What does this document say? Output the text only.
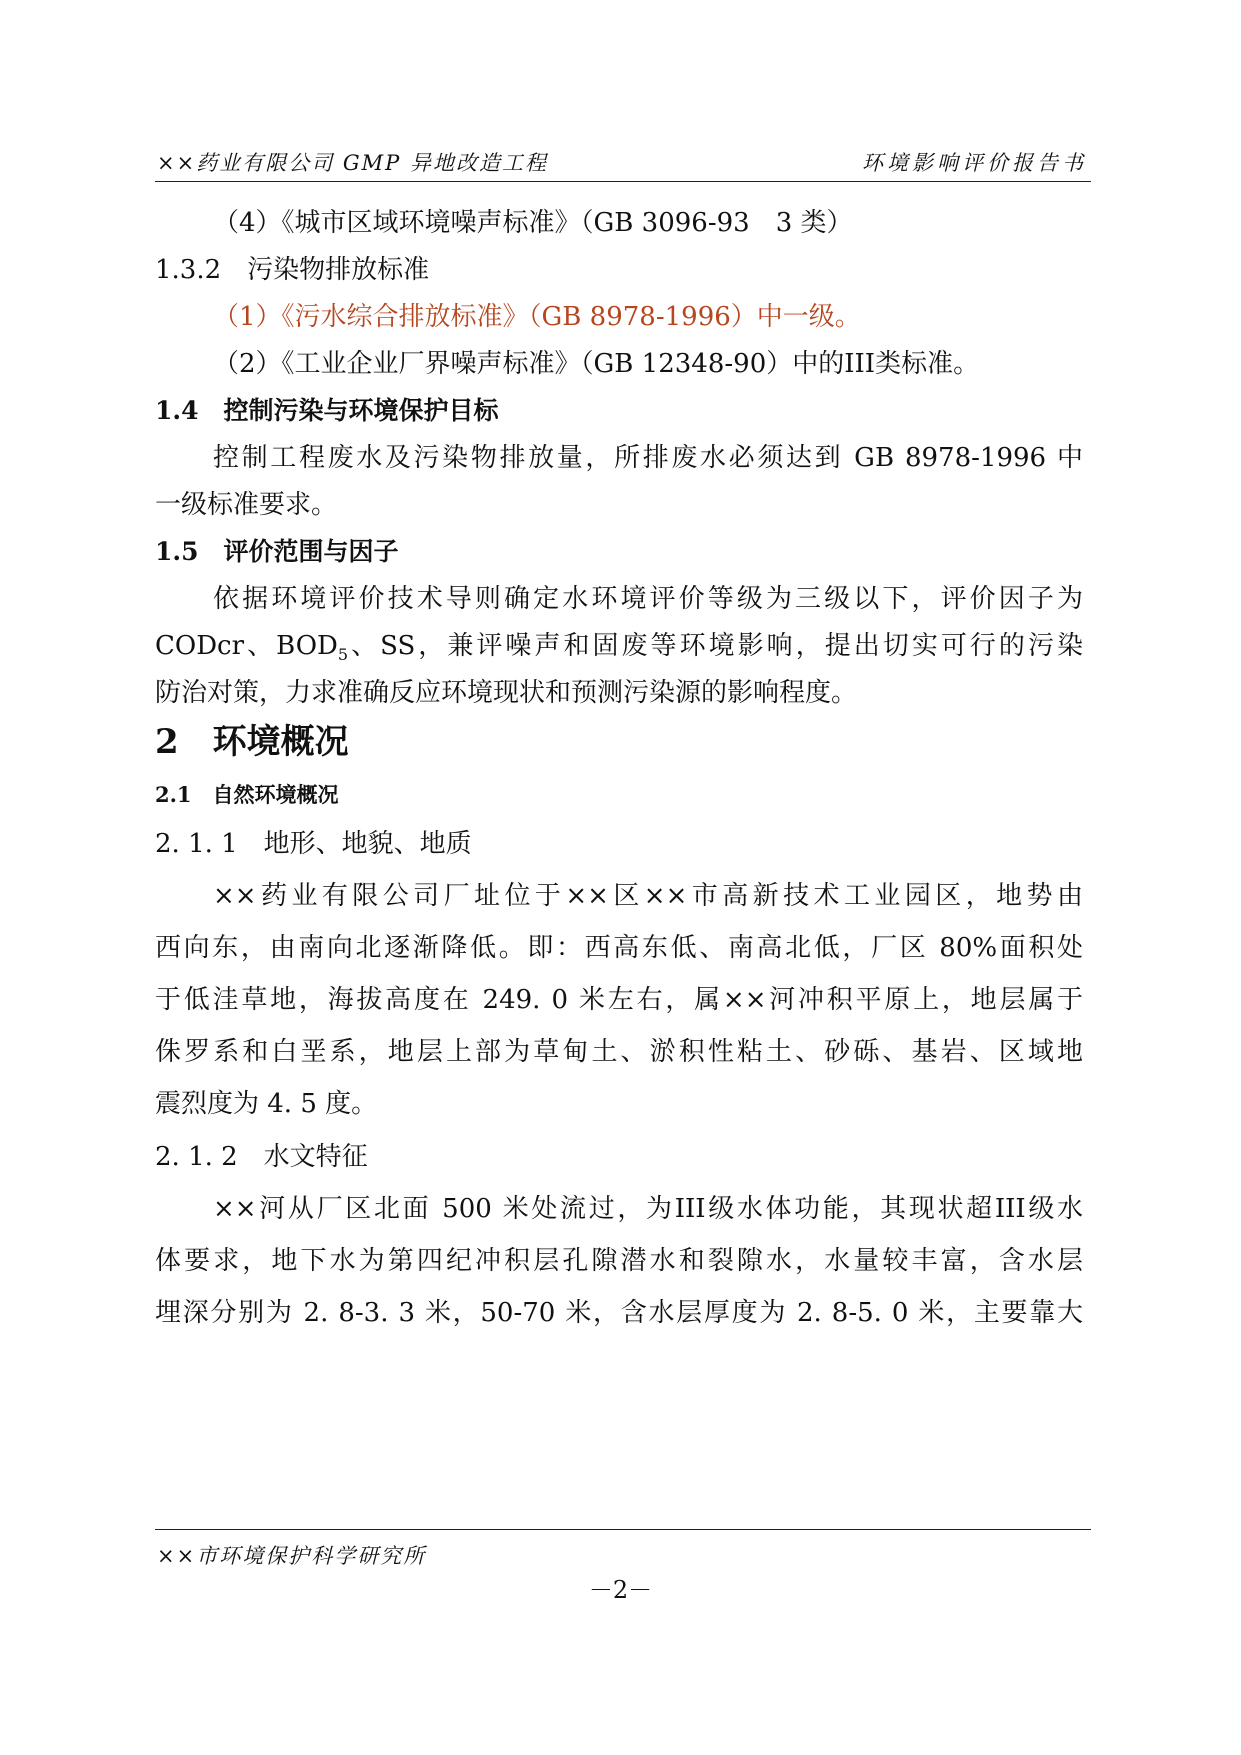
××药业有限公司 GMP 异地改造工程	环境影响评价报告书
（4）《城市区域环境噪声标准》（GB 3096-93　3 类）
1.3.2　污染物排放标准
（1）《污水综合排放标准》（GB 8978-1996）中一级。
（2）《工业企业厂界噪声标准》（GB 12348-90）中的III类标准。
1.4　控制污染与环境保护目标
控制工程废水及污染物排放量，所排废水必须达到 GB 8978-1996 中
一级标准要求。
1.5　评价范围与因子
依据环境评价技术导则确定水环境评价等级为三级以下，评价因子为
CODcr、$BOD_5$、SS，兼评噪声和固废等环境影响，提出切实可行的污染
防治对策，力求准确反应环境现状和预测污染源的影响程度。
2　环境概况
2.1　自然环境概况
2. 1. 1　地形、地貌、地质
××药业有限公司厂址位于××区××市高新技术工业园区，地势由
西向东，由南向北逐渐降低。即：西高东低、南高北低，厂区 80%面积处
于低洼草地，海拔高度在 249. 0 米左右，属××河冲积平原上，地层属于
侏罗系和白垩系，地层上部为草甸土、淤积性粘土、砂砾、基岩、区域地
震烈度为 4. 5 度。
2. 1. 2　水文特征
××河从厂区北面 500 米处流过，为III级水体功能，其现状超III级水
体要求，地下水为第四纪冲积层孔隙潜水和裂隙水，水量较丰富，含水层
埋深分别为 2. 8-3. 3 米，50-70 米，含水层厚度为 2. 8-5. 0 米，主要靠大
××市环境保护科学研究所
－2－
